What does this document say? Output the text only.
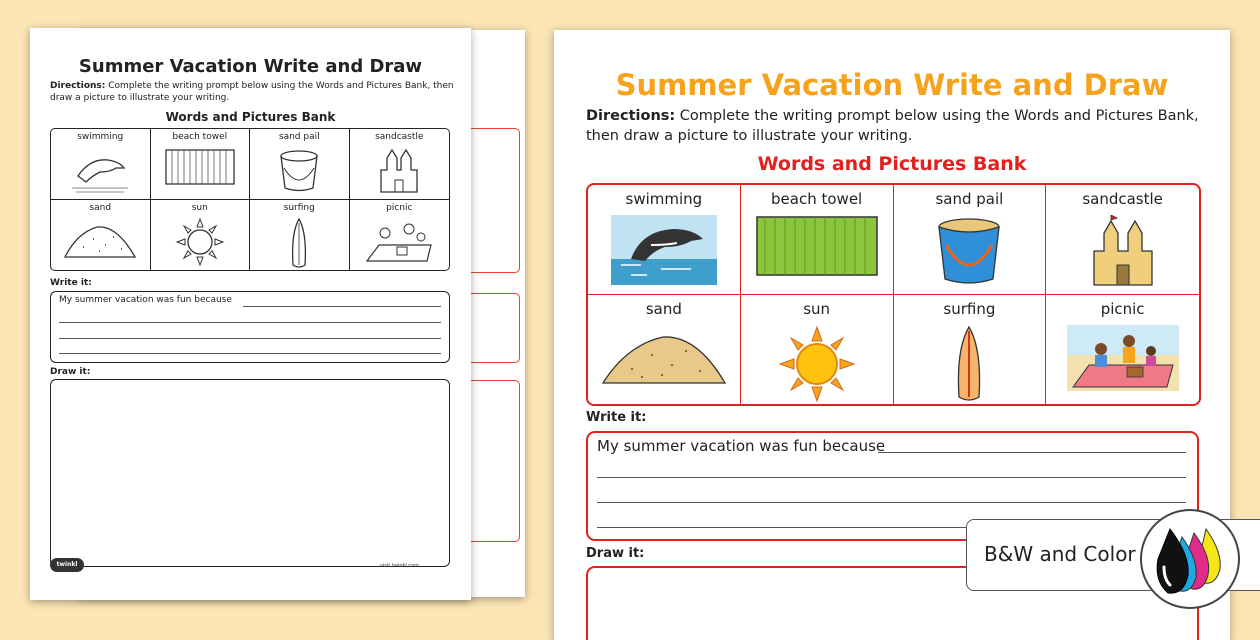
Summer Vacation Write and Draw
Directions: Complete the writing prompt below using the Words and Pictures Bank, then draw a picture to illustrate your writing.
Words and Pictures Bank
swimming	beach towel	sand pail	sandcastle
sand	sun	surfing	picnic
Write it:
My summer vacation was fun because
Draw it:
twinkl	visit twinkl.com
Summer Vacation Write and Draw
Directions: Complete the writing prompt below using the Words and Pictures Bank, then draw a picture to illustrate your writing.
Words and Pictures Bank
swimming	beach towel	sand pail	sandcastle
sand	sun	surfing	picnic
Write it:
My summer vacation was fun because
Draw it:	B&W and Color
